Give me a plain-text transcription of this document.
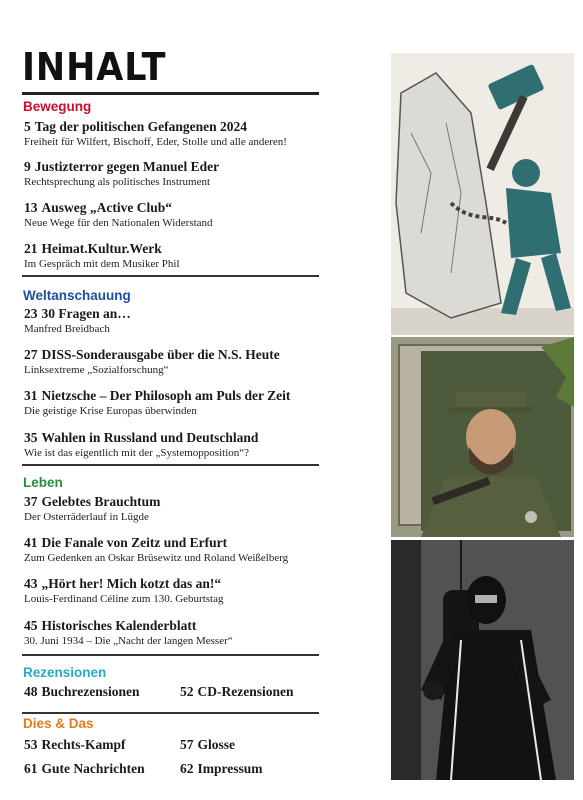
INHALT
Bewegung
5 Tag der politischen Gefangenen 2024
Freiheit für Wilfert, Bischoff, Eder, Stolle und alle anderen!
9 Justizterror gegen Manuel Eder
Rechtsprechung als politisches Instrument
13 Ausweg „Active Club“
Neue Wege für den Nationalen Widerstand
21 Heimat.Kultur.Werk
Im Gespräch mit dem Musiker Phil
Weltanschauung
23 30 Fragen an…
Manfred Breidbach
27 DISS-Sonderausgabe über die N.S. Heute
Linksextreme „Sozialforschung“
31 Nietzsche – Der Philosoph am Puls der Zeit
Die geistige Krise Europas überwinden
35 Wahlen in Russland und Deutschland
Wie ist das eigentlich mit der „Systemopposition“?
Leben
37 Gelebtes Brauchtum
Der Osterräderlauf in Lügde
41 Die Fanale von Zeitz und Erfurt
Zum Gedenken an Oskar Brüsewitz und Roland Weißelberg
43 „Hört her! Mich kotzt das an!“
Louis-Ferdinand Céline zum 130. Geburtstag
45 Historisches Kalenderblatt
30. Juni 1934 – Die „Nacht der langen Messer“
Rezensionen
48 Buchrezensionen	52 CD-Rezensionen
Dies & Das
53 Rechts-Kampf	57 Glosse
61 Gute Nachrichten	62 Impressum
